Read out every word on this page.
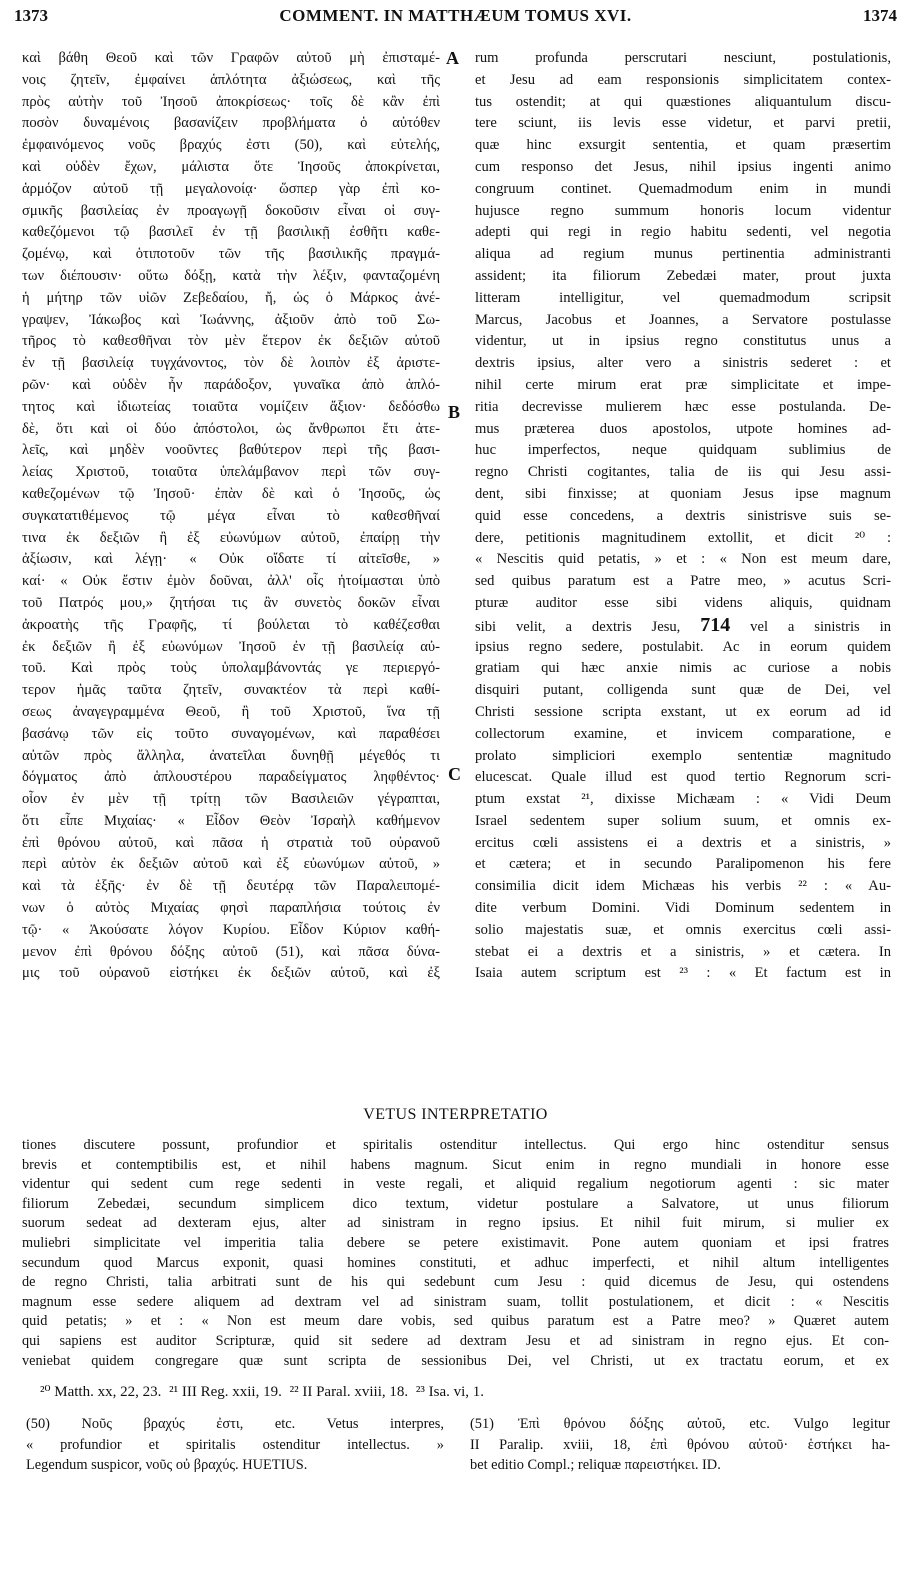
1373	COMMENT. IN MATTHÆUM TOMUS XVI.	1374
καὶ βάθη Θεοῦ καὶ τῶν Γραφῶν αὐτοῦ μὴ ἐπισταμέ-
νοις ζητεῖν, ἐμφαίνει ἁπλότητα ἀξιώσεως, καὶ τῆς
πρὸς αὐτὴν τοῦ Ἰησοῦ ἀποκρίσεως· τοῖς δὲ κἂν ἐπὶ
ποσὸν δυναμένοις βασανίζειν προβλήματα ὁ αὐτόθεν
ἐμφαινόμενος νοῦς βραχύς ἐστι (50), καὶ εὐτελής,
καὶ οὐδὲν ἔχων, μάλιστα ὅτε Ἰησοῦς ἀποκρίνεται,
ἁρμόζον αὐτοῦ τῇ μεγαλονοίᾳ· ὥσπερ γὰρ ἐπὶ κο-
σμικῆς βασιλείας ἐν προαγωγῇ δοκοῦσιν εἶναι οἱ συγ-
καθεζόμενοι τῷ βασιλεῖ ἐν τῇ βασιλικῇ ἐσθῆτι καθε-
ζομένῳ, καὶ ὁτιποτοῦν τῶν τῆς βασιλικῆς πραγμά-
των διέπουσιν· οὕτω δόξῃ, κατὰ τὴν λέξιν, φανταζομένη
ἡ μήτηρ τῶν υἱῶν Ζεβεδαίου, ἤ, ὡς ὁ Μάρκος ἀνέ-
γραψεν, Ἰάκωβος καὶ Ἰωάννης, ἀξιοῦν ἀπὸ τοῦ Σω-
τῆρος τὸ καθεσθῆναι τὸν μὲν ἕτερον ἐκ δεξιῶν αὐτοῦ
ἐν τῇ βασιλείᾳ τυγχάνοντος, τὸν δὲ λοιπὸν ἐξ ἀριστε-
ρῶν· καὶ οὐδὲν ἦν παράδοξον, γυναῖκα ἀπὸ ἁπλό-
τητος καὶ ἰδιωτείας τοιαῦτα νομίζειν ἄξιον· δεδόσθω
δὲ, ὅτι καὶ οἱ δύο ἀπόστολοι, ὡς ἄνθρωποι ἔτι ἀτε-
λεῖς, καὶ μηδὲν νοοῦντες βαθύτερον περὶ τῆς βασι-
λείας Χριστοῦ, τοιαῦτα ὑπελάμβανον περὶ τῶν συγ-
καθεζομένων τῷ Ἰησοῦ· ἐπὰν δὲ καὶ ὁ Ἰησοῦς, ὡς
συγκατατιθέμενος τῷ μέγα εἶναι τὸ καθεσθῆναί
τινα ἐκ δεξιῶν ἢ ἐξ εὐωνύμων αὐτοῦ, ἐπαίρῃ τὴν
ἀξίωσιν, καὶ λέγῃ· « Οὐκ οἴδατε τί αἰτεῖσθε, »
καί· « Οὐκ ἔστιν ἐμὸν δοῦναι, ἀλλ' οἷς ἡτοίμασται ὑπὸ
τοῦ Πατρός μου,» ζητήσαι τις ἂν συνετὸς δοκῶν εἶναι
ἀκροατὴς τῆς Γραφῆς, τί βούλεται τὸ καθέζεσθαι
ἐκ δεξιῶν ἢ ἐξ εὐωνύμων Ἰησοῦ ἐν τῇ βασιλείᾳ αὐ-
τοῦ. Καὶ πρὸς τοὺς ὑπολαμβάνοντάς γε περιεργό-
τερον ἡμᾶς ταῦτα ζητεῖν, συνακτέον τὰ περὶ καθί-
σεως ἀναγεγραμμένα Θεοῦ, ἢ τοῦ Χριστοῦ, ἵνα τῇ
βασάνῳ τῶν εἰς τοῦτο συναγομένων, καὶ παραθέσει
αὐτῶν πρὸς ἄλληλα, ἀνατεῖλαι δυνηθῇ μέγεθός τι
δόγματος ἀπὸ ἁπλουστέρου παραδείγματος ληφθέντος·
οἷον ἐν μὲν τῇ τρίτῃ τῶν Βασιλειῶν γέγραπται,
ὅτι εἶπε Μιχαίας· « Εἶδον Θεὸν Ἰσραὴλ καθήμενον
ἐπὶ θρόνου αὐτοῦ, καὶ πᾶσα ἡ στρατιὰ τοῦ οὐρανοῦ
περὶ αὐτὸν ἐκ δεξιῶν αὐτοῦ καὶ ἐξ εὐωνύμων αὐτοῦ, »
καὶ τὰ ἑξῆς· ἐν δὲ τῇ δευτέρᾳ τῶν Παραλειπομέ-
νων ὁ αὐτὸς Μιχαίας φησὶ παραπλήσια τούτοις ἐν
τῷ· « Ἀκούσατε λόγον Κυρίου. Εἶδον Κύριον καθή-
μενον ἐπὶ θρόνου δόξης αὐτοῦ (51), καὶ πᾶσα δύνα-
μις τοῦ οὐρανοῦ εἱστήκει ἐκ δεξιῶν αὐτοῦ, καὶ ἐξ
A
B
C
rum profunda perscrutari nesciunt, postulationis,
et Jesu ad eam responsionis simplicitatem contex-
tus ostendit; at qui quæstiones aliquantulum discu-
tere sciunt, iis levis esse videtur, et parvi pretii,
quæ hinc exsurgit sententia, et quam præsertim
cum responso det Jesus, nihil ipsius ingenti animo
congruum continet. Quemadmodum enim in mundi
hujusce regno summum honoris locum videntur
adepti qui regi in regio habitu sedenti, vel negotia
aliqua ad regium munus pertinentia administranti
assident; ita filiorum Zebedæi mater, prout juxta
litteram intelligitur, vel quemadmodum scripsit
Marcus, Jacobus et Joannes, a Servatore postulasse
videntur, ut in ipsius regno constitutus unus a
dextris ipsius, alter vero a sinistris sederet : et
nihil certe mirum erat præ simplicitate et impe-
ritia decrevisse mulierem hæc esse postulanda. De-
mus præterea duos apostolos, utpote homines ad-
huc imperfectos, neque quidquam sublimius de
regno Christi cogitantes, talia de iis qui Jesu assi-
dent, sibi finxisse; at quoniam Jesus ipse magnum
quid esse concedens, a dextris sinistrisve suis se-
dere, petitionis magnitudinem extollit, et dicit ²⁰ :
« Nescitis quid petatis, » et : « Non est meum dare,
sed quibus paratum est a Patre meo, » acutus Scri-
pturæ auditor esse sibi videns aliquis, quidnam
sibi velit, a dextris Jesu, 714 vel a sinistris in
ipsius regno sedere, postulabit. Ac in eorum quidem
gratiam qui hæc anxie nimis ac curiose a nobis
disquiri putant, colligenda sunt quæ de Dei, vel
Christi sessione scripta exstant, ut ex eorum ad id
collectorum examine, et invicem comparatione, e
prolato simpliciori exemplo sententiæ magnitudo
elucescat. Quale illud est quod tertio Regnorum scri-
ptum exstat ²¹, dixisse Michæam : « Vidi Deum
Israel sedentem super solium suum, et omnis ex-
ercitus cœli assistens ei a dextris et a sinistris, »
et cætera; et in secundo Paralipomenon his fere
consimilia dicit idem Michæas his verbis ²² : « Au-
dite verbum Domini. Vidi Dominum sedentem in
solio majestatis suæ, et omnis exercitus cœli assi-
stebat ei a dextris et a sinistris, » et cætera. In
Isaia autem scriptum est ²³ : « Et factum est in
VETUS INTERPRETATIO
tiones discutere possunt, profundior et spiritalis ostenditur intellectus. Qui ergo hinc ostenditur sensus
brevis et contemptibilis est, et nihil habens magnum. Sicut enim in regno mundiali in honore esse
videntur qui sedent cum rege sedenti in veste regali, et aliquid regalium negotiorum agenti : sic mater
filiorum Zebedæi, secundum simplicem dico textum, videtur postulare a Salvatore, ut unus filiorum
suorum sedeat ad dexteram ejus, alter ad sinistram in regno ipsius. Et nihil fuit mirum, si mulier ex
muliebri simplicitate vel imperitia talia debere se petere existimavit. Pone autem quoniam et ipsi fratres
secundum quod Marcus exponit, quasi homines constituti, et adhuc imperfecti, et nihil altum intelligentes
de regno Christi, talia arbitrati sunt de his qui sedebunt cum Jesu : quid dicemus de Jesu, qui ostendens
magnum esse sedere aliquem ad dextram vel ad sinistram suam, tollit postulationem, et dicit : « Nescitis
quid petatis; » et : « Non est meum dare vobis, sed quibus paratum est a Patre meo? » Quæret autem
qui sapiens est auditor Scripturæ, quid sit sedere ad dextram Jesu et ad sinistram in regno ejus. Et con-
veniebat quidem congregare quæ sunt scripta de sessionibus Dei, vel Christi, ut ex tractatu eorum, et ex
²⁰ Matth. xx, 22, 23. ²¹ III Reg. xxii, 19. ²² II Paral. xviii, 18. ²³ Isa. vi, 1.
(50) Νοῦς βραχύς ἐστι, etc. Vetus interpres,
« profundior et spiritalis ostenditur intellectus. »
Legendum suspicor, νοῦς οὐ βραχύς. HUETIUS.
(51) Ἐπὶ θρόνου δόξης αὐτοῦ, etc. Vulgo legitur
II Paralip. xviii, 18, ἐπὶ θρόνου αὐτοῦ· ἑστήκει ha-
bet editio Compl.; reliquæ παρειστήκει. ID.
